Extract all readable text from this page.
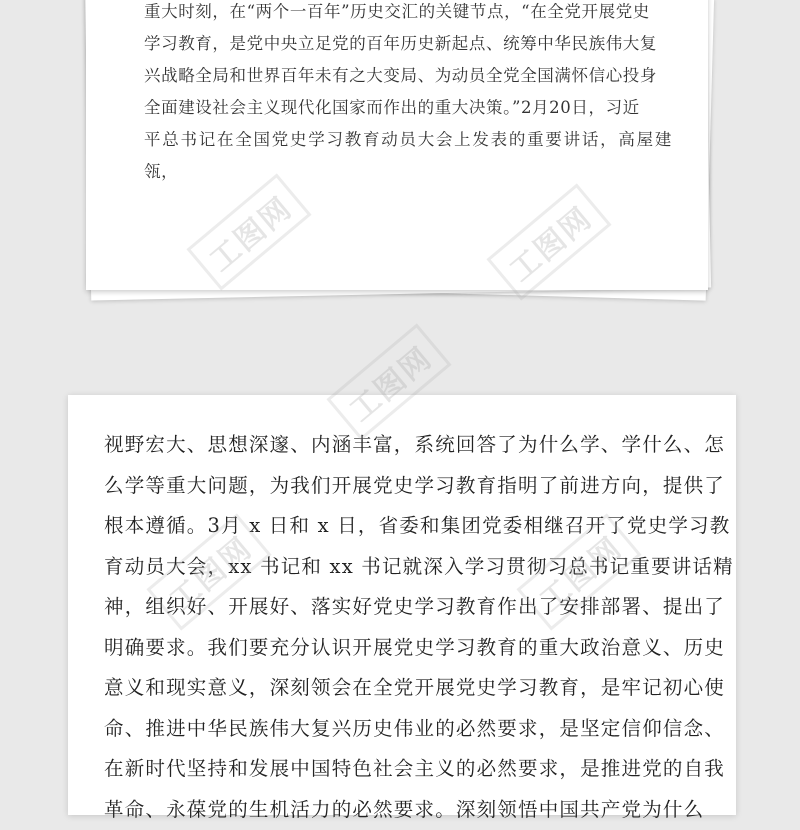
重大时刻，在“两个一百年”历史交汇的关键节点，“在全党开展党史

学习教育，是党中央立足党的百年历史新起点、统筹中华民族伟大复

兴战略全局和世界百年未有之大变局、为动员全党全国满怀信心投身

全面建设社会主义现代化国家而作出的重大决策。”2月20日，习近

平总书记在全国党史学习教育动员大会上发表的重要讲话，高屋建瓴，

视野宏大、思想深邃、内涵丰富，系统回答了为什么学、学什么、怎

么学等重大问题，为我们开展党史学习教育指明了前进方向，提供了

根本遵循。3月 x 日和 x 日，省委和集团党委相继召开了党史学习教

育动员大会，xx 书记和 xx 书记就深入学习贯彻习总书记重要讲话精

神，组织好、开展好、落实好党史学习教育作出了安排部署、提出了

明确要求。我们要充分认识开展党史学习教育的重大政治意义、历史

意义和现实意义，深刻领会在全党开展党史学习教育，是牢记初心使

命、推进中华民族伟大复兴历史伟业的必然要求，是坚定信仰信念、

在新时代坚持和发展中国特色社会主义的必然要求，是推进党的自我

革命、永葆党的生机活力的必然要求。深刻领悟中国共产党为什么

工图网	工图网
工图网
工图网	工图网
